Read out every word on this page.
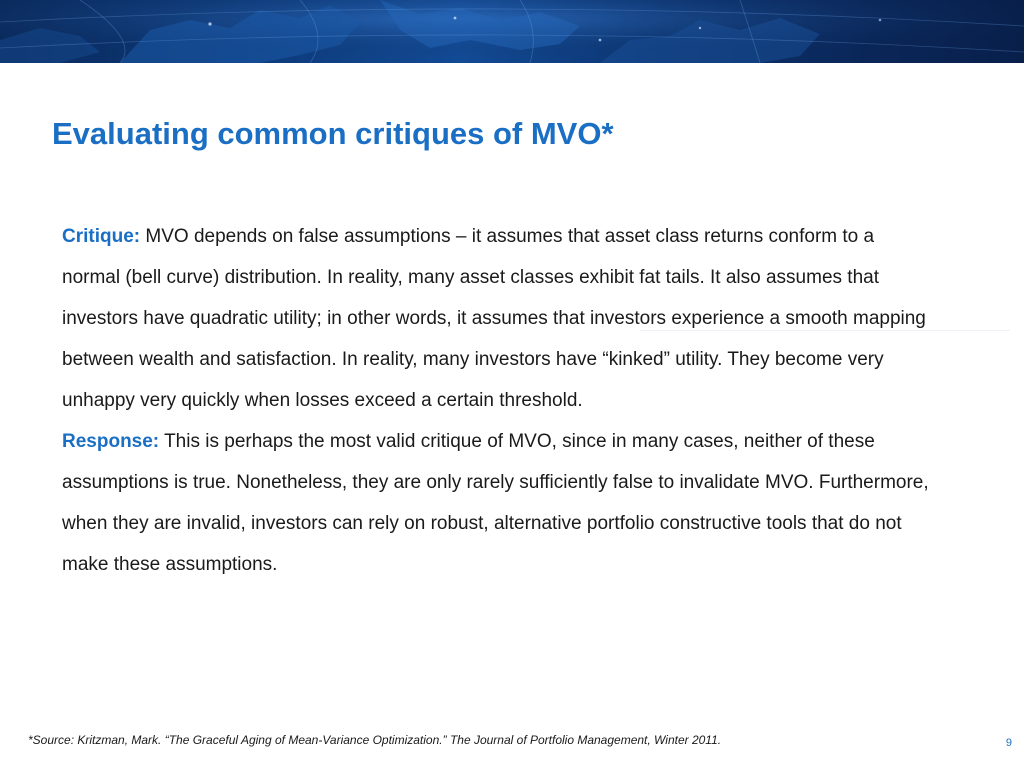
Evaluating common critiques of MVO*
Critique: MVO depends on false assumptions – it assumes that asset class returns conform to a normal (bell curve) distribution. In reality, many asset classes exhibit fat tails. It also assumes that investors have quadratic utility; in other words, it assumes that investors experience a smooth mapping between wealth and satisfaction. In reality, many investors have “kinked” utility. They become very unhappy very quickly when losses exceed a certain threshold.
Response: This is perhaps the most valid critique of MVO, since in many cases, neither of these assumptions is true. Nonetheless, they are only rarely sufficiently false to invalidate MVO. Furthermore, when they are invalid, investors can rely on robust, alternative portfolio constructive tools that do not make these assumptions.
*Source: Kritzman, Mark. “The Graceful Aging of Mean-Variance Optimization.” The Journal of Portfolio Management, Winter 2011.	9
